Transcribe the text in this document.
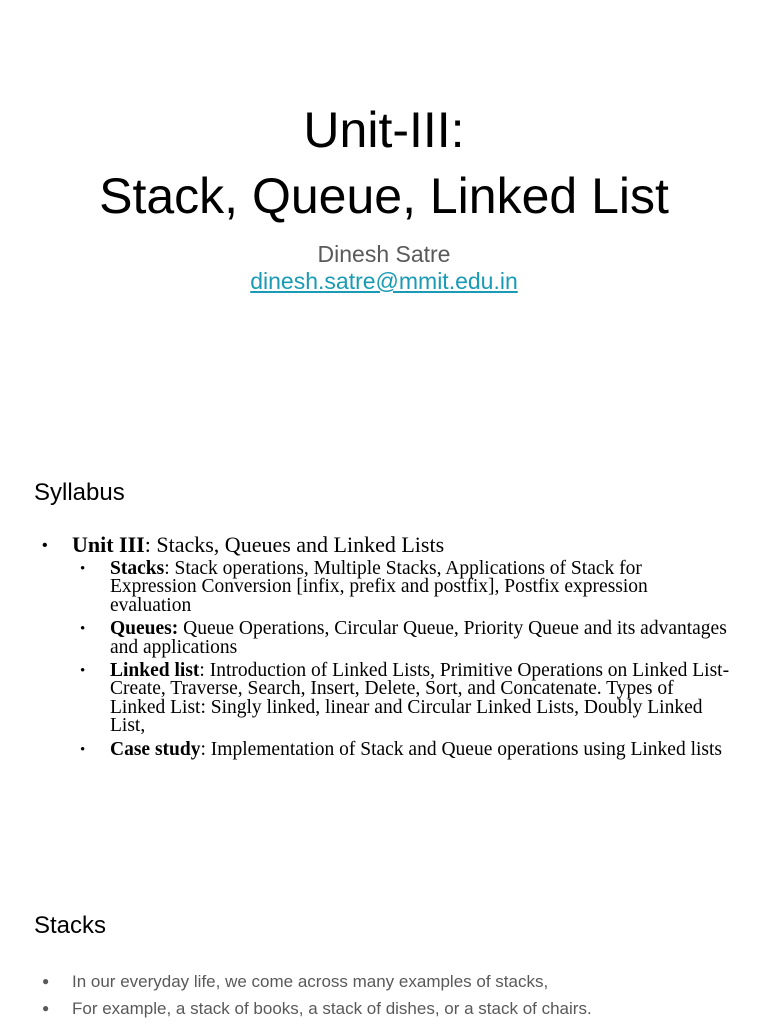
Unit-III:
Stack, Queue, Linked List
Dinesh Satre
dinesh.satre@mmit.edu.in
Syllabus
• Unit III: Stacks, Queues and Linked Lists
• Stacks: Stack operations, Multiple Stacks, Applications of Stack for Expression Conversion [infix, prefix and postfix], Postfix expression evaluation
• Queues: Queue Operations, Circular Queue, Priority Queue and its advantages and applications
• Linked list: Introduction of Linked Lists, Primitive Operations on Linked List- Create, Traverse, Search, Insert, Delete, Sort, and Concatenate. Types of Linked List: Singly linked, linear and Circular Linked Lists, Doubly Linked List,
• Case study: Implementation of Stack and Queue operations using Linked lists
Stacks
● In our everyday life, we come across many examples of stacks,
● For example, a stack of books, a stack of dishes, or a stack of chairs.
